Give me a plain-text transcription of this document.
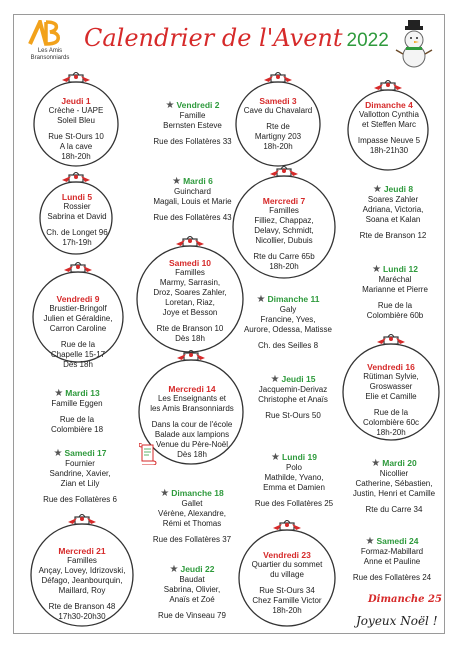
Les Amis Bransonniards
Calendrier de l'Avent 2022
Jeudi 1
Crèche - UAPE
Soleil Bleu
Rue St-Ours 10
A la cave
18h-20h
★ Vendredi 2
Famille
Bernsten Esteve
Rue des Follatères 33
Samedi 3
Cave du Chavalard
Rte de
Martigny 203
18h-20h
Dimanche 4
Vallotton Cynthia
et Steffen Marc
Impasse Neuve 5
18h-21h30
Lundi 5
Rossier
Sabrina et David
Ch. de Longet 96
17h-19h
★ Mardi 6
Guinchard
Magali, Louis et Marie
Rue des Follatères 43
Mercredi 7
Familles
Filliez, Chappaz,
Delavy, Schmidt,
Nicollier, Dubuis
Rte du Carre 65b
18h-20h
★ Jeudi 8
Soares Zahler
Adriana, Victoria,
Soana et Kalan
Rte de Branson 12
Vendredi 9
Brustier-Bringolf
Julien et Géraldine,
Carron Caroline
Rue de la
Chapelle 15-17
Dès 18h
Samedi 10
Familles
Marmy, Sarrasin,
Droz, Soares Zahler,
Loretan, Riaz,
Joye et Besson
Rte de Branson 10
Dès 18h
★ Dimanche 11
Galy
Francine, Yves,
Aurore, Odessa, Matisse
Ch. des Seilles 8
★ Lundi 12
Maréchal
Marianne et Pierre
Rue de la
Colombière 60b
★ Mardi 13
Famille Eggen
Rue de la
Colombière 18
Mercredi 14
Les Enseignants et
les Amis Bransonniards
Dans la cour de l'école
Balade aux lampions
Venue du Père-Noël
Dès 18h
★ Jeudi 15
Jacquemin-Derivaz
Christophe et Anaïs
Rue St-Ours 50
Vendredi 16
Rütiman Sylvie,
Groswasser
Elie et Camille
Rue de la
Colombière 60c
18h-20h
★ Samedi 17
Fournier
Sandrine, Xavier,
Zian et Lily
Rue des Follatères 6
★ Dimanche 18
Gallet
Vérène, Alexandre,
Rémi et Thomas
Rue des Follatères 37
★ Lundi 19
Polo
Mathilde, Yvano,
Emma et Damien
Rue des Follatères 25
★ Mardi 20
Nicollier
Catherine, Sébastien,
Justin, Henri et Camille
Rte du Carre 34
Mercredi 21
Familles
Ançay, Lovey, Idrizovski,
Défago, Jeanbourquin,
Maillard, Roy
Rte de Branson 48
17h30-20h30
★ Jeudi 22
Baudat
Sabrina, Olivier,
Anaïs et Zoé
Rue de Vinseau 79
Vendredi 23
Quartier du sommet
du village
Rue St-Ours 34
Chez Famille Victor
18h-20h
★ Samedi 24
Formaz-Mabillard
Anne et Pauline
Rue des Follatères 24
Dimanche 25
Joyeux Noël !
